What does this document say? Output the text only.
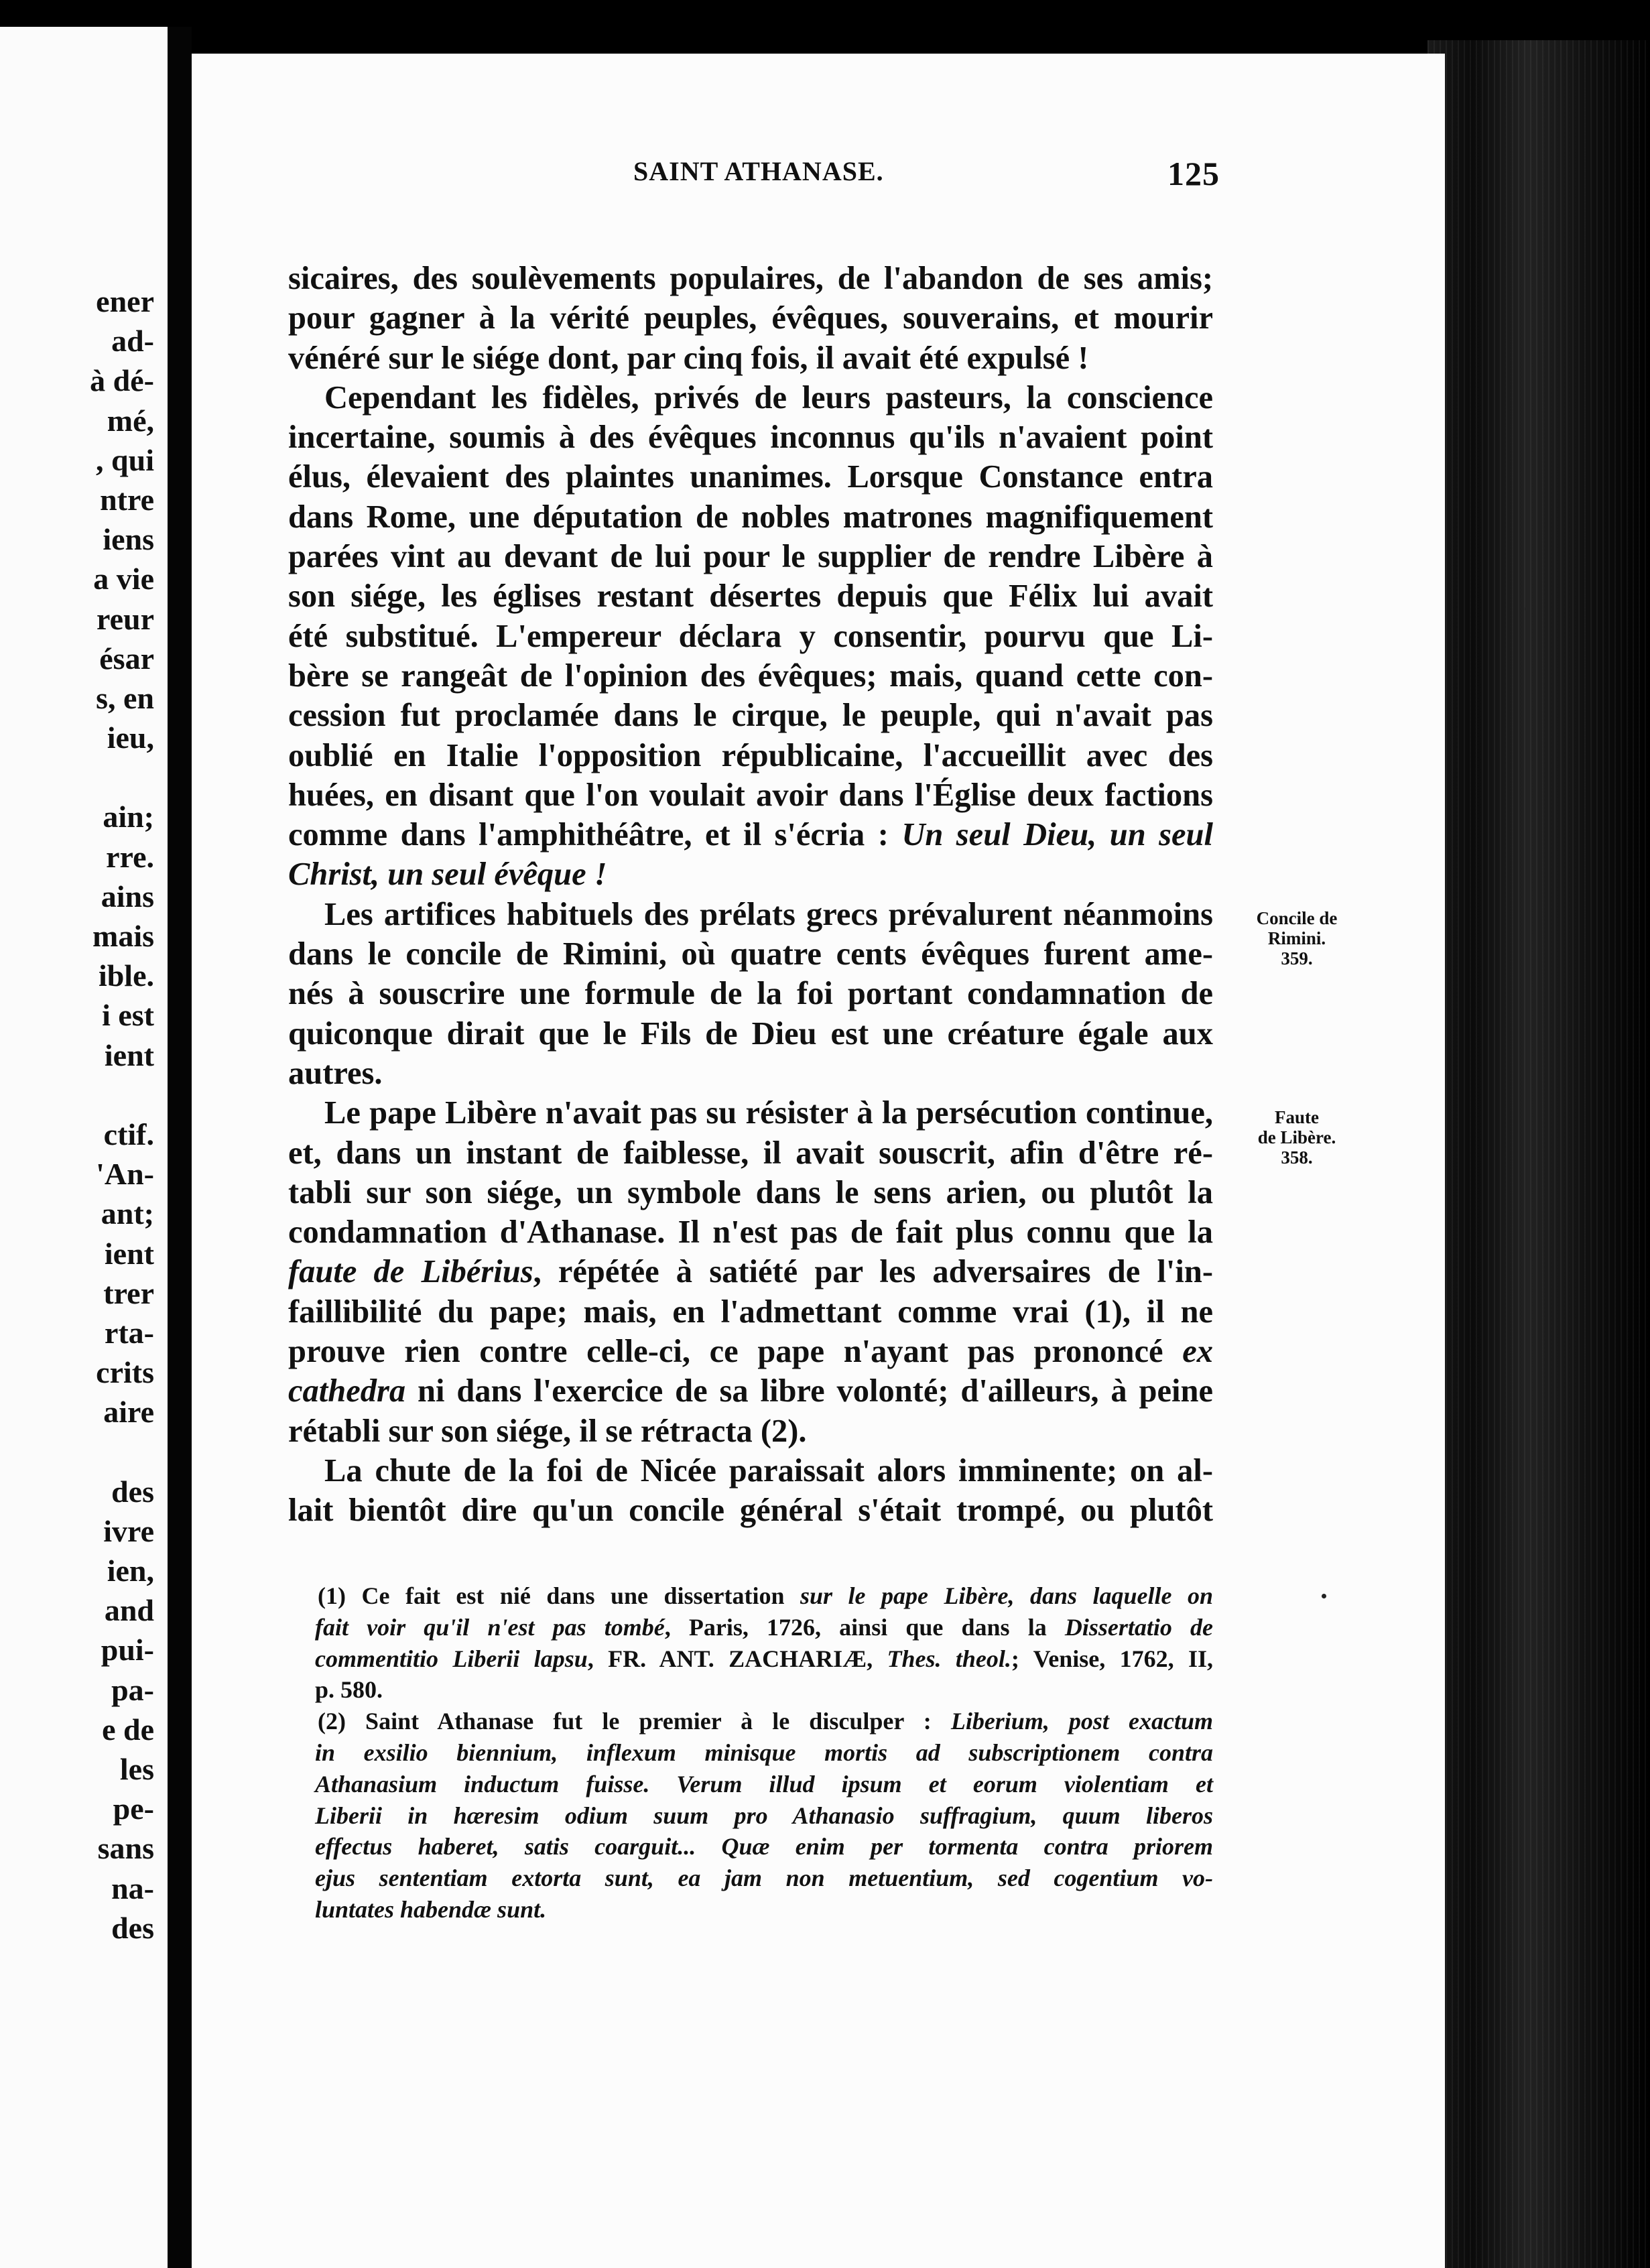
ener
ad-
à dé-
mé,
, qui
ntre
iens
a vie
reur
ésar
s, en
ieu,
ain;
rre.
ains
mais
ible.
i est
ient
ctif.
'An-
ant;
ient
trer
rta-
crits
aire
des
ivre
ien,
and
pui-
pa-
e de
les
pe-
sans
na-
des
SAINT ATHANASE.	125
sicaires, des soulèvements populaires, de l'abandon de ses amis;
pour gagner à la vérité peuples, évêques, souverains, et mourir
vénéré sur le siége dont, par cinq fois, il avait été expulsé !
Cependant les fidèles, privés de leurs pasteurs, la conscience
incertaine, soumis à des évêques inconnus qu'ils n'avaient point
élus, élevaient des plaintes unanimes. Lorsque Constance entra
dans Rome, une députation de nobles matrones magnifiquement
parées vint au devant de lui pour le supplier de rendre Libère à
son siége, les églises restant désertes depuis que Félix lui avait
été substitué. L'empereur déclara y consentir, pourvu que Li-
bère se rangeât de l'opinion des évêques; mais, quand cette con-
cession fut proclamée dans le cirque, le peuple, qui n'avait pas
oublié en Italie l'opposition républicaine, l'accueillit avec des
huées, en disant que l'on voulait avoir dans l'Église deux factions
comme dans l'amphithéâtre, et il s'écria : Un seul Dieu, un seul
Christ, un seul évêque !
Les artifices habituels des prélats grecs prévalurent néanmoins
dans le concile de Rimini, où quatre cents évêques furent ame-
nés à souscrire une formule de la foi portant condamnation de
quiconque dirait que le Fils de Dieu est une créature égale aux
autres.
Le pape Libère n'avait pas su résister à la persécution continue,
et, dans un instant de faiblesse, il avait souscrit, afin d'être ré-
tabli sur son siége, un symbole dans le sens arien, ou plutôt la
condamnation d'Athanase. Il n'est pas de fait plus connu que la
faute de Libérius, répétée à satiété par les adversaires de l'in-
faillibilité du pape; mais, en l'admettant comme vrai (1), il ne
prouve rien contre celle-ci, ce pape n'ayant pas prononcé ex
cathedra ni dans l'exercice de sa libre volonté; d'ailleurs, à peine
rétabli sur son siége, il se rétracta (2).
La chute de la foi de Nicée paraissait alors imminente; on al-
lait bientôt dire qu'un concile général s'était trompé, ou plutôt
Concile de
Rimini.
359.
Faute
de Libère.
358.
(1) Ce fait est nié dans une dissertation sur le pape Libère, dans laquelle on
fait voir qu'il n'est pas tombé, Paris, 1726, ainsi que dans la Dissertatio de
commentitio Liberii lapsu, FR. ANT. ZACHARIÆ, Thes. theol.; Venise, 1762, II,
p. 580.
(2) Saint Athanase fut le premier à le disculper : Liberium, post exactum
in exsilio biennium, inflexum minisque mortis ad subscriptionem contra
Athanasium inductum fuisse. Verum illud ipsum et eorum violentiam et
Liberii in hæresim odium suum pro Athanasio suffragium, quum liberos
effectus haberet, satis coarguit... Quæ enim per tormenta contra priorem
ejus sententiam extorta sunt, ea jam non metuentium, sed cogentium vo-
luntates habendæ sunt.
